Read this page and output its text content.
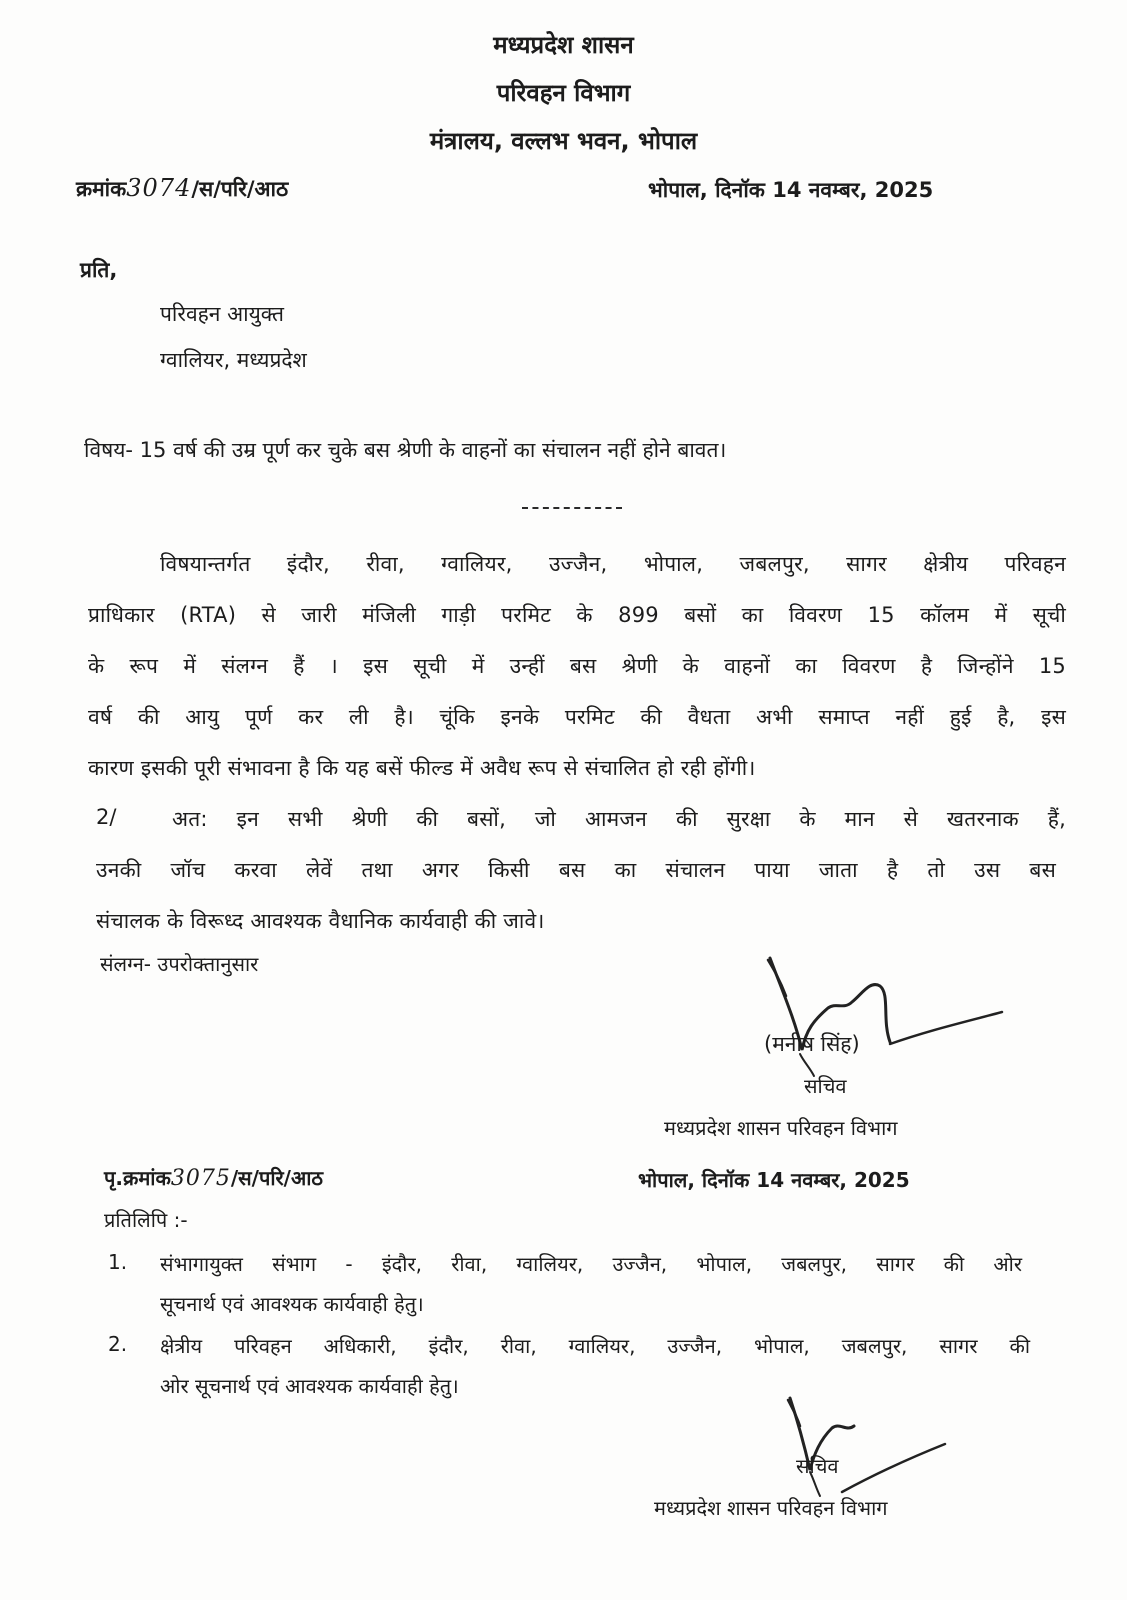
मध्यप्रदेश शासन
परिवहन विभाग
मंत्रालय, वल्लभ भवन, भोपाल
क्रमांक3074/स/परि/आठ	भोपाल, दिनॉक 14 नवम्बर, 2025
प्रति,
परिवहन आयुक्त
ग्वालियर, मध्यप्रदेश
विषय- 15 वर्ष की उम्र पूर्ण कर चुके बस श्रेणी के वाहनों का संचालन नहीं होने बावत।
विषयान्तर्गत इंदौर, रीवा, ग्वालियर, उज्जैन, भोपाल, जबलपुर, सागर क्षेत्रीय परिवहन
प्राधिकार (RTA) से जारी मंजिली गाड़ी परमिट के 899 बसों का विवरण 15 कॉलम में सूची
के रूप में संलग्न हैं । इस सूची में उन्हीं बस श्रेणी के वाहनों का विवरण है जिन्होंने 15
वर्ष की आयु पूर्ण कर ली है। चूंकि इनके परमिट की वैधता अभी समाप्त नहीं हुई है, इस
कारण इसकी पूरी संभावना है कि यह बसें फील्ड में अवैध रूप से संचालित हो रही होंगी।
2/	अत: इन सभी श्रेणी की बसों, जो आमजन की सुरक्षा के मान से खतरनाक हैं,
उनकी जॉच करवा लेवें तथा अगर किसी बस का संचालन पाया जाता है तो उस बस
संचालक के विरूध्द आवश्यक वैधानिक कार्यवाही की जावे।
संलग्न- उपरोक्तानुसार
(मनीष सिंह)
सचिव
मध्यप्रदेश शासन परिवहन विभाग
पृ.क्रमांक3075/स/परि/आठ	भोपाल, दिनॉक 14 नवम्बर, 2025
प्रतिलिपि :-
1. संभागायुक्त संभाग - इंदौर, रीवा, ग्वालियर, उज्जैन, भोपाल, जबलपुर, सागर की ओर
सूचनार्थ एवं आवश्यक कार्यवाही हेतु।
2. क्षेत्रीय परिवहन अधिकारी, इंदौर, रीवा, ग्वालियर, उज्जैन, भोपाल, जबलपुर, सागर की
ओर सूचनार्थ एवं आवश्यक कार्यवाही हेतु।
सचिव
मध्यप्रदेश शासन परिवहन विभाग
